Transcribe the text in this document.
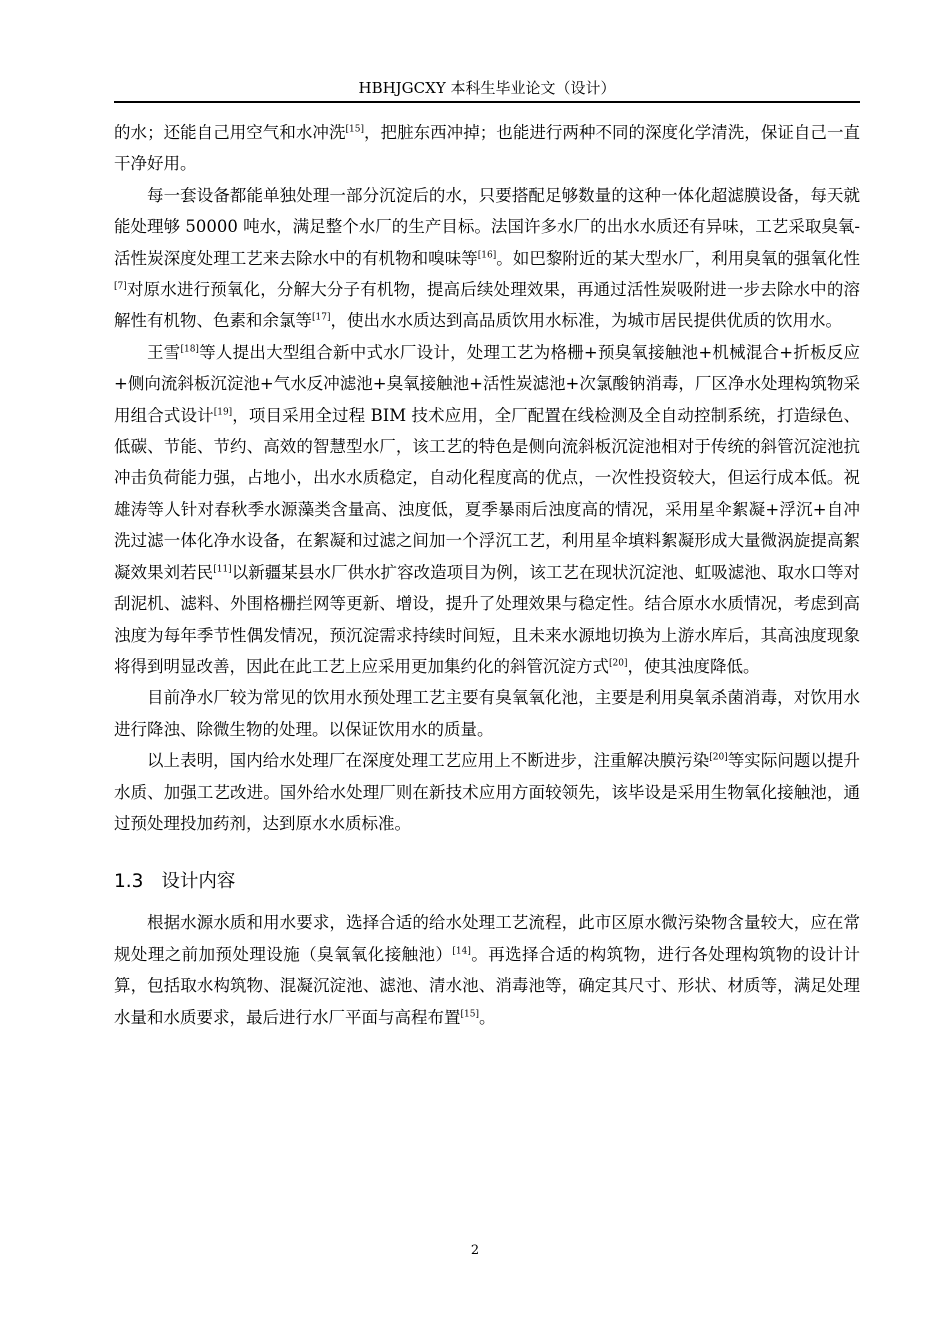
HBHJGCXY 本科生毕业论文（设计）

的水；还能自己用空气和水冲洗[15]，把脏东西冲掉；也能进行两种不同的深度化学清洗，保证自己一直干净好用。

每一套设备都能单独处理一部分沉淀后的水，只要搭配足够数量的这种一体化超滤膜设备，每天就能处理够 50000 吨水，满足整个水厂的生产目标。法国许多水厂的出水水质还有异味，工艺采取臭氧-活性炭深度处理工艺来去除水中的有机物和嗅味等[16]。如巴黎附近的某大型水厂，利用臭氧的强氧化性[7]对原水进行预氧化，分解大分子有机物，提高后续处理效果，再通过活性炭吸附进一步去除水中的溶解性有机物、色素和余氯等[17]，使出水水质达到高品质饮用水标准，为城市居民提供优质的饮用水。

王雪[18]等人提出大型组合新中式水厂设计，处理工艺为格栅+预臭氧接触池+机械混合+折板反应+侧向流斜板沉淀池+气水反冲滤池+臭氧接触池+活性炭滤池+次氯酸钠消毒，厂区净水处理构筑物采用组合式设计[19]，项目采用全过程 BIM 技术应用，全厂配置在线检测及全自动控制系统，打造绿色、低碳、节能、节约、高效的智慧型水厂，该工艺的特色是侧向流斜板沉淀池相对于传统的斜管沉淀池抗冲击负荷能力强，占地小，出水水质稳定，自动化程度高的优点，一次性投资较大，但运行成本低。祝雄涛等人针对春秋季水源藻类含量高、浊度低，夏季暴雨后浊度高的情况，采用星伞絮凝+浮沉+自冲洗过滤一体化净水设备，在絮凝和过滤之间加一个浮沉工艺，利用星伞填料絮凝形成大量微涡旋提高絮凝效果刘若民[11]以新疆某县水厂供水扩容改造项目为例，该工艺在现状沉淀池、虹吸滤池、取水口等对刮泥机、滤料、外围格栅拦网等更新、增设，提升了处理效果与稳定性。结合原水水质情况，考虑到高浊度为每年季节性偶发情况，预沉淀需求持续时间短，且未来水源地切换为上游水库后，其高浊度现象将得到明显改善，因此在此工艺上应采用更加集约化的斜管沉淀方式[20]，使其浊度降低。

目前净水厂较为常见的饮用水预处理工艺主要有臭氧氧化池，主要是利用臭氧杀菌消毒，对饮用水进行降浊、除微生物的处理。以保证饮用水的质量。

以上表明，国内给水处理厂在深度处理工艺应用上不断进步，注重解决膜污染[20]等实际问题以提升水质、加强工艺改进。国外给水处理厂则在新技术应用方面较领先，该毕设是采用生物氧化接触池，通过预处理投加药剂，达到原水水质标准。

1.3 设计内容

根据水源水质和用水要求，选择合适的给水处理工艺流程，此市区原水微污染物含量较大，应在常规处理之前加预处理设施（臭氧氧化接触池）[14]。再选择合适的构筑物，进行各处理构筑物的设计计算，包括取水构筑物、混凝沉淀池、滤池、清水池、消毒池等，确定其尺寸、形状、材质等，满足处理水量和水质要求，最后进行水厂平面与高程布置[15]。

2
